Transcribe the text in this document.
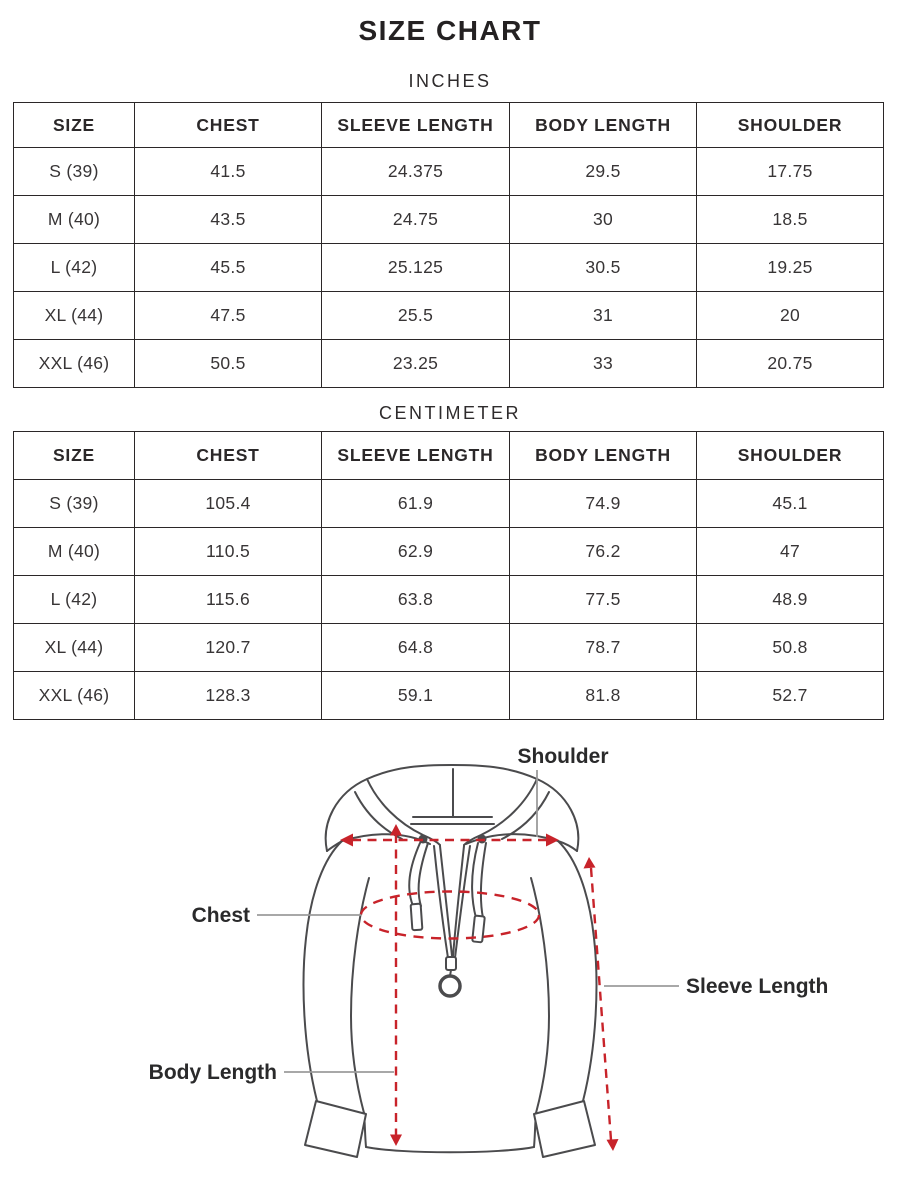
SIZE CHART
INCHES
SIZE	CHEST	SLEEVE LENGTH	BODY LENGTH	SHOULDER
S (39)	41.5	24.375	29.5	17.75
M (40)	43.5	24.75	30	18.5
L (42)	45.5	25.125	30.5	19.25
XL (44)	47.5	25.5	31	20
XXL (46)	50.5	23.25	33	20.75
CENTIMETER
SIZE	CHEST	SLEEVE LENGTH	BODY LENGTH	SHOULDER
S (39)	105.4	61.9	74.9	45.1
M (40)	110.5	62.9	76.2	47
L (42)	115.6	63.8	77.5	48.9
XL (44)	120.7	64.8	78.7	50.8
XXL (46)	128.3	59.1	81.8	52.7
Shoulder
Chest
Body Length
Sleeve Length
